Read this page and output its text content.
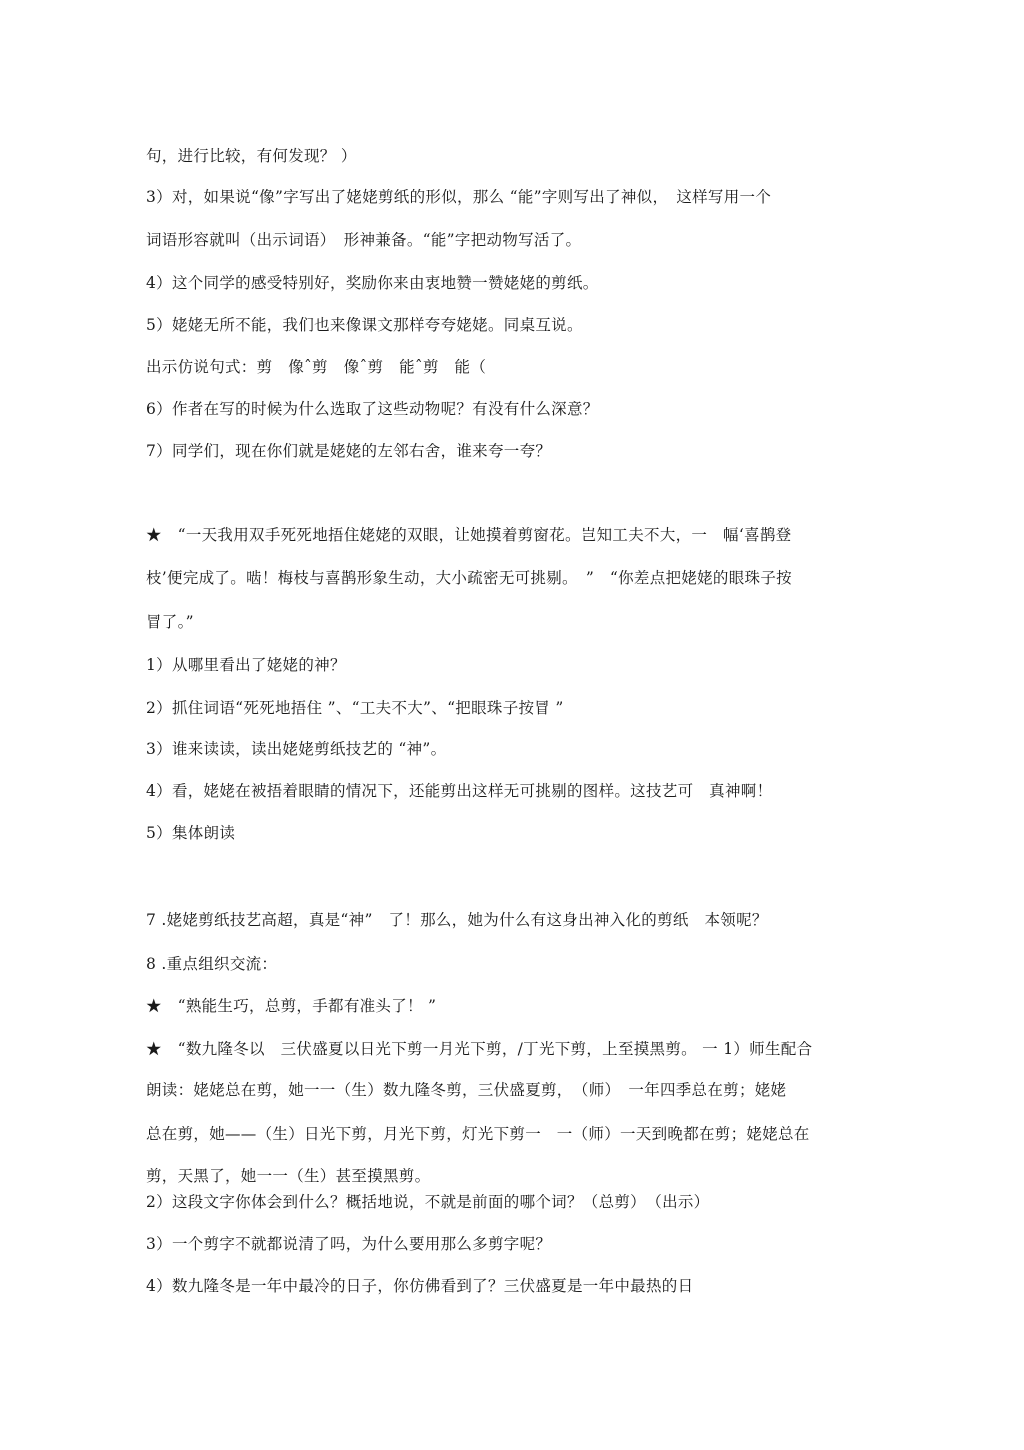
句，进行比较，有何发现？ ）
3）对，如果说“像”字写出了姥姥剪纸的形似，那么 “能”字则写出了神似，　这样写用一个
词语形容就叫（出示词语）　形神兼备。“能”字把动物写活了。
4）这个同学的感受特别好，奖励你来由衷地赞一赞姥姥的剪纸。
5）姥姥无所不能，我们也来像课文那样夸夸姥姥。同桌互说。
出示仿说句式：剪　像ˆ剪　像ˆ剪　能ˆ剪　能（
6）作者在写的时候为什么选取了这些动物呢？有没有什么深意？
7）同学们，现在你们就是姥姥的左邻右舍，谁来夸一夸？
★　“一天我用双手死死地捂住姥姥的双眼，让她摸着剪窗花。岂知工夫不大，一　幅‘喜鹊登
枝’便完成了。啮！梅枝与喜鹊形象生动，大小疏密无可挑剔。　”　“你差点把姥姥的眼珠子按
冒了。”
1）从哪里看出了姥姥的神？
2）抓住词语“死死地捂住 ”、“工夫不大”、“把眼珠子按冒 ”
3）谁来读读，读出姥姥剪纸技艺的 “神”。
4）看，姥姥在被捂着眼睛的情况下，还能剪出这样无可挑剔的图样。这技艺可　真神啊！
5）集体朗读
7 .姥姥剪纸技艺高超，真是“神”　了！那么，她为什么有这身出神入化的剪纸　本领呢？
8 .重点组织交流：
★　“熟能生巧，总剪，手都有准头了！ ”
★　“数九隆冬以　三伏盛夏以日光下剪一月光下剪，/丁光下剪，上至摸黑剪。 一 1）师生配合
朗读：姥姥总在剪，她一一（生）数九隆冬剪，三伏盛夏剪，　（师）　一年四季总在剪；姥姥
总在剪，她——（生）日光下剪，月光下剪，灯光下剪一　一（师）一天到晚都在剪；姥姥总在
剪，天黑了，她一一（生）甚至摸黑剪。
2）这段文字你体会到什么？概括地说，不就是前面的哪个词？（总剪）　（出示）
3）一个剪字不就都说清了吗，为什么要用那么多剪字呢？
4）数九隆冬是一年中最冷的日子，你仿佛看到了？三伏盛夏是一年中最热的日
